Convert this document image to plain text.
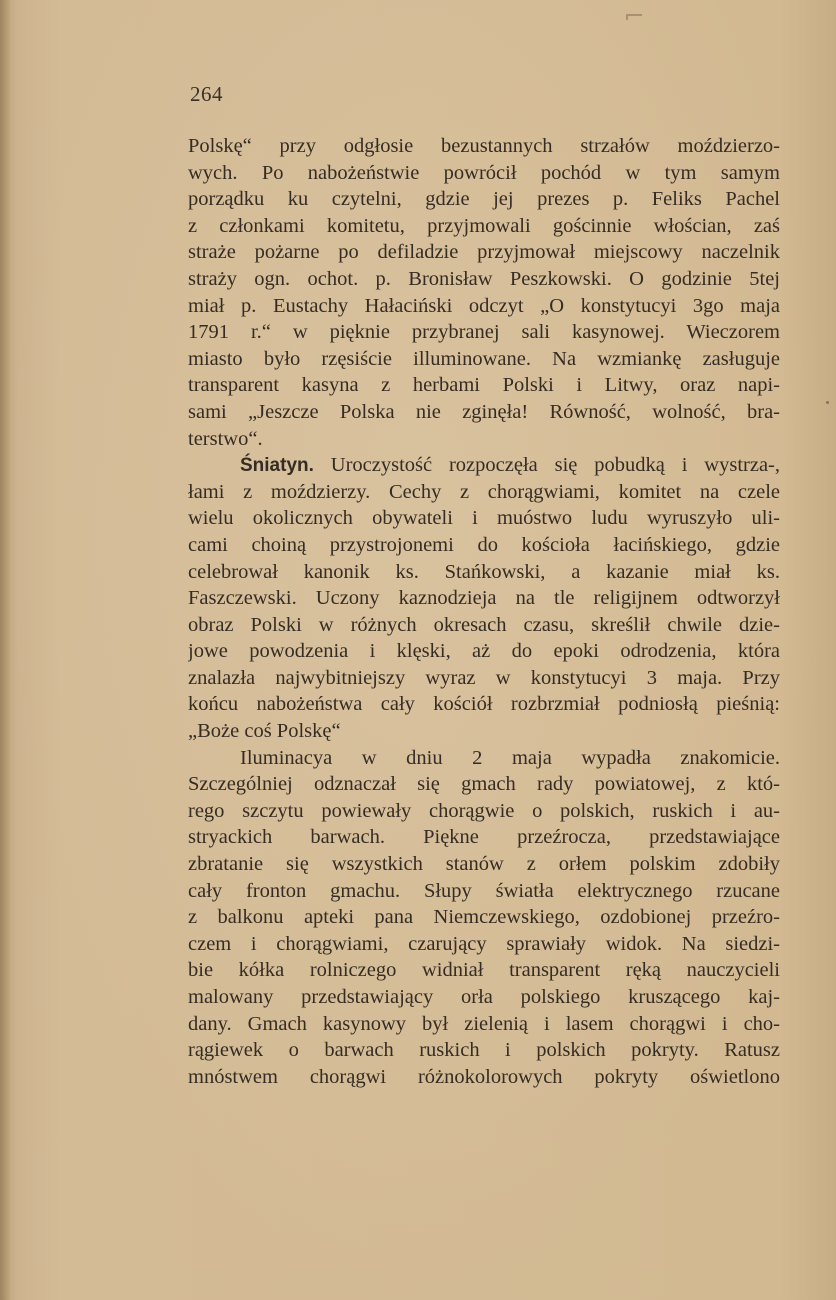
264
Polskę“ przy odgłosie bezustannych strzałów moździerzo-
wych. Po nabożeństwie powrócił pochód w tym samym
porządku ku czytelni, gdzie jej prezes p. Feliks Pachel
z członkami komitetu, przyjmowali gościnnie włościan, zaś
straże pożarne po defiladzie przyjmował miejscowy naczelnik
straży ogn. ochot. p. Bronisław Peszkowski. O godzinie 5tej
miał p. Eustachy Hałaciński odczyt „O konstytucyi 3go maja
1791 r.“ w pięknie przybranej sali kasynowej. Wieczorem
miasto było rzęsiście illuminowane. Na wzmiankę zasługuje
transparent kasyna z herbami Polski i Litwy, oraz napi-
sami „Jeszcze Polska nie zginęła! Równość, wolność, bra-
terstwo“.
Śniatyn. Uroczystość rozpoczęła się pobudką i wystrza-,
łami z moździerzy. Cechy z chorągwiami, komitet na czele
wielu okolicznych obywateli i muóstwo ludu wyruszyło uli-
cami choiną przystrojonemi do kościoła łacińskiego, gdzie
celebrował kanonik ks. Stańkowski, a kazanie miał ks.
Faszczewski. Uczony kaznodzieja na tle religijnem odtworzył
obraz Polski w różnych okresach czasu, skreślił chwile dzie-
jowe powodzenia i klęski, aż do epoki odrodzenia, która
znalazła najwybitniejszy wyraz w konstytucyi 3 maja. Przy
końcu nabożeństwa cały kościół rozbrzmiał podniosłą pieśnią:
„Boże coś Polskę“
Iluminacya w dniu 2 maja wypadła znakomicie.
Szczególniej odznaczał się gmach rady powiatowej, z któ-
rego szczytu powiewały chorągwie o polskich, ruskich i au-
stryackich barwach. Piękne przeźrocza, przedstawiające
zbratanie się wszystkich stanów z orłem polskim zdobiły
cały fronton gmachu. Słupy światła elektrycznego rzucane
z balkonu apteki pana Niemczewskiego, ozdobionej przeźro-
czem i chorągwiami, czarujący sprawiały widok. Na siedzi-
bie kółka rolniczego widniał transparent ręką nauczycieli
malowany przedstawiający orła polskiego kruszącego kaj-
dany. Gmach kasynowy był zielenią i lasem chorągwi i cho-
rągiewek o barwach ruskich i polskich pokryty. Ratusz
mnóstwem chorągwi różnokolorowych pokryty oświetlono
